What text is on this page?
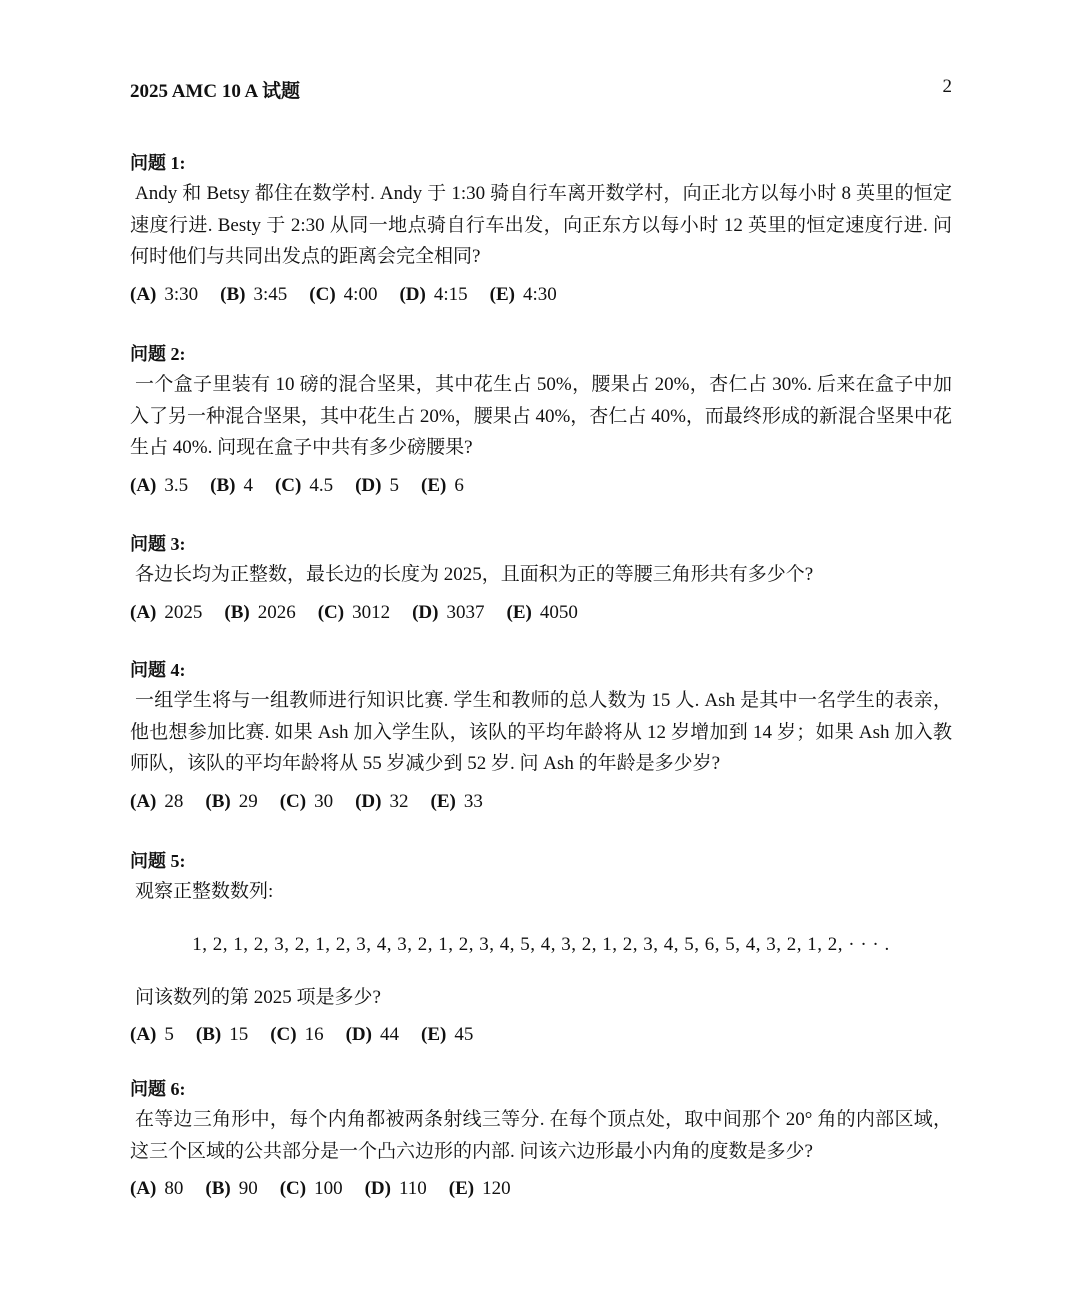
2025 AMC 10 A 试题	2
问题 1:
Andy 和 Betsy 都住在数学村. Andy 于 1:30 骑自行车离开数学村，向正北方以每小时 8 英里的恒定速度行进. Besty 于 2:30 从同一地点骑自行车出发，向正东方以每小时 12 英里的恒定速度行进. 问何时他们与共同出发点的距离会完全相同?
(A) 3:30 (B) 3:45 (C) 4:00 (D) 4:15 (E) 4:30
问题 2:
一个盒子里装有 10 磅的混合坚果，其中花生占 50%，腰果占 20%，杏仁占 30%. 后来在盒子中加入了另一种混合坚果，其中花生占 20%，腰果占 40%，杏仁占 40%，而最终形成的新混合坚果中花生占 40%. 问现在盒子中共有多少磅腰果?
(A) 3.5 (B) 4 (C) 4.5 (D) 5 (E) 6
问题 3:
各边长均为正整数，最长边的长度为 2025，且面积为正的等腰三角形共有多少个?
(A) 2025 (B) 2026 (C) 3012 (D) 3037 (E) 4050
问题 4:
一组学生将与一组教师进行知识比赛. 学生和教师的总人数为 15 人. Ash 是其中一名学生的表亲，他也想参加比赛. 如果 Ash 加入学生队，该队的平均年龄将从 12 岁增加到 14 岁；如果 Ash 加入教师队，该队的平均年龄将从 55 岁减少到 52 岁. 问 Ash 的年龄是多少岁?
(A) 28 (B) 29 (C) 30 (D) 32 (E) 33
问题 5:
观察正整数数列:
1, 2, 1, 2, 3, 2, 1, 2, 3, 4, 3, 2, 1, 2, 3, 4, 5, 4, 3, 2, 1, 2, 3, 4, 5, 6, 5, 4, 3, 2, 1, 2, · · · .
问该数列的第 2025 项是多少?
(A) 5 (B) 15 (C) 16 (D) 44 (E) 45
问题 6:
在等边三角形中，每个内角都被两条射线三等分. 在每个顶点处，取中间那个 20° 角的内部区域，这三个区域的公共部分是一个凸六边形的内部. 问该六边形最小内角的度数是多少?
(A) 80 (B) 90 (C) 100 (D) 110 (E) 120
